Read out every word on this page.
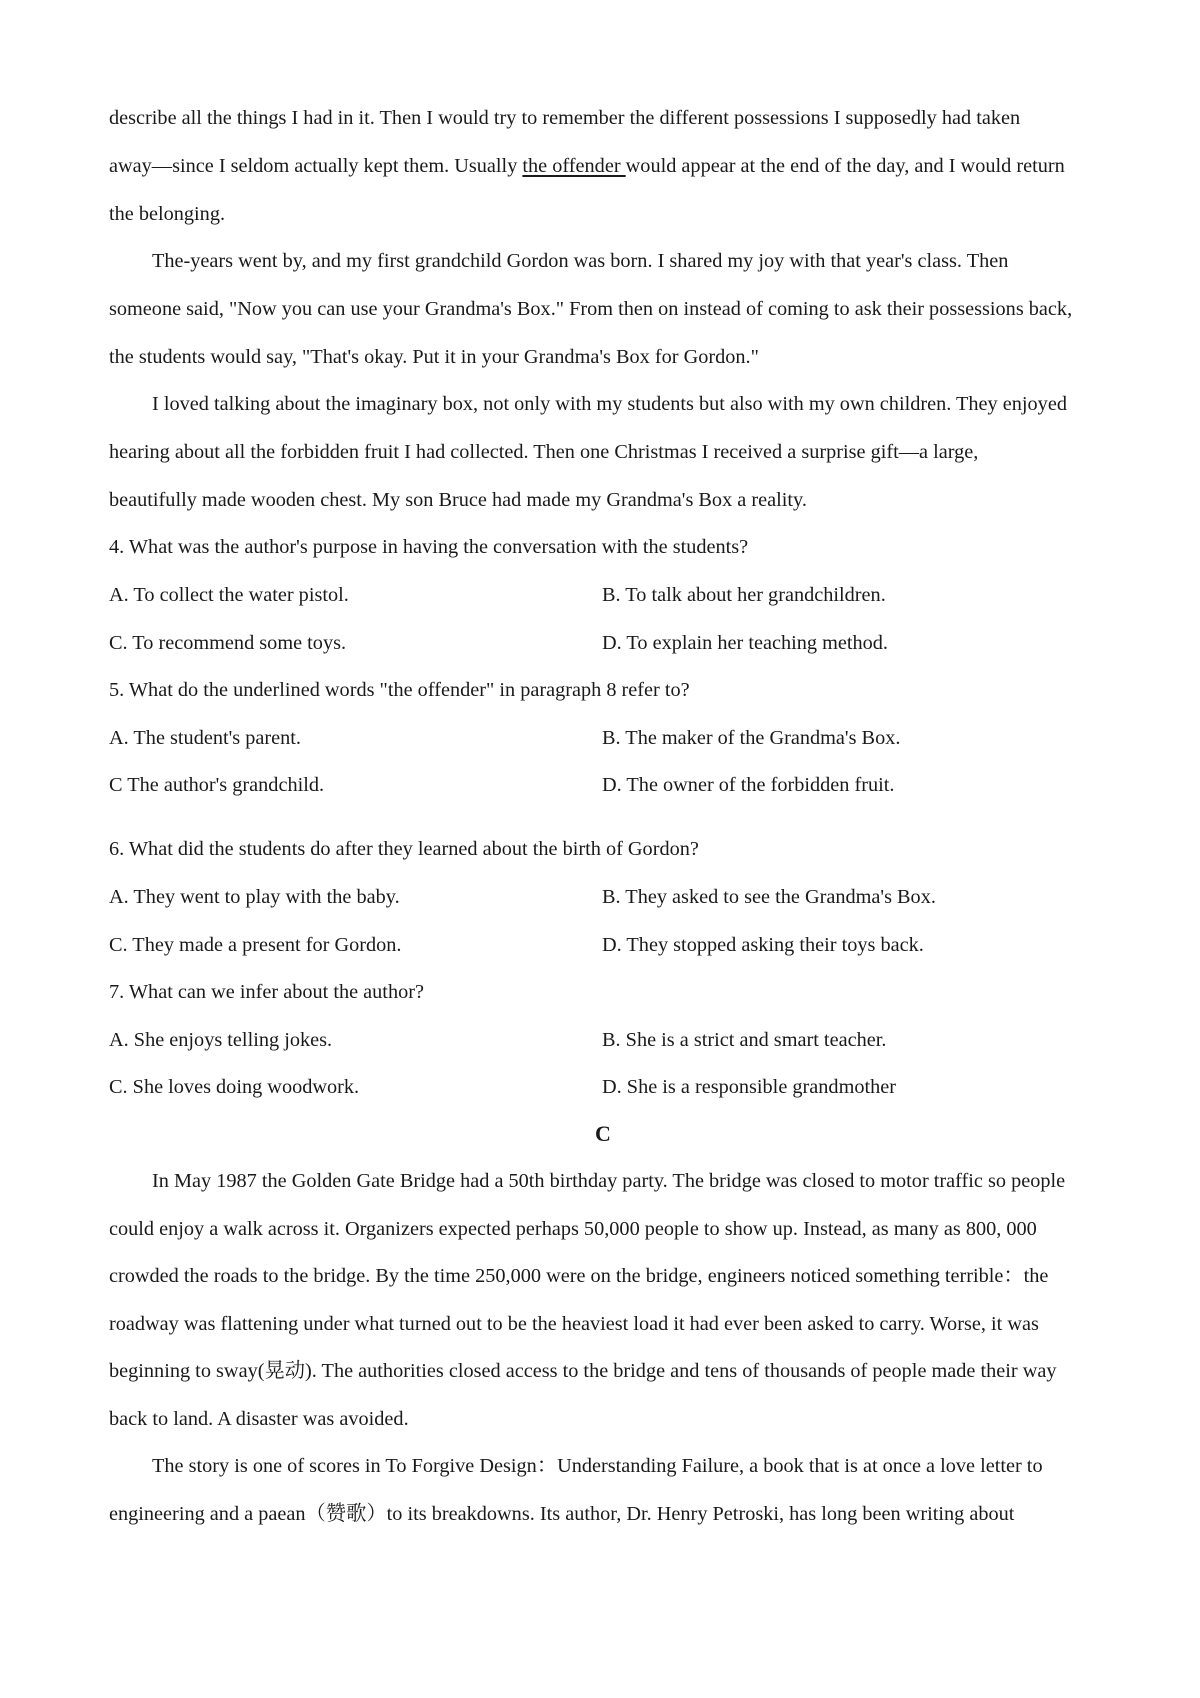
describe all the things I had in it. Then I would try to remember the different possessions I supposedly had taken
away—since I seldom actually kept them. Usually the offender would appear at the end of the day, and I would return
the belonging.
The-years went by, and my first grandchild Gordon was born. I shared my joy with that year's class. Then
someone said, "Now you can use your Grandma's Box." From then on instead of coming to ask their possessions back,
the students would say, "That's okay. Put it in your Grandma's Box for Gordon."
I loved talking about the imaginary box, not only with my students but also with my own children. They enjoyed
hearing about all the forbidden fruit I had collected. Then one Christmas I received a surprise gift—a large,
beautifully made wooden chest. My son Bruce had made my Grandma's Box a reality.
4. What was the author's purpose in having the conversation with the students?
A. To collect the water pistol.	B. To talk about her grandchildren.
C. To recommend some toys.	D. To explain her teaching method.
5. What do the underlined words "the offender" in paragraph 8 refer to?
A. The student's parent.	B. The maker of the Grandma's Box.
C The author's grandchild.	D. The owner of the forbidden fruit.
6. What did the students do after they learned about the birth of Gordon?
A. They went to play with the baby.	B. They asked to see the Grandma's Box.
C. They made a present for Gordon.	D. They stopped asking their toys back.
7. What can we infer about the author?
A. She enjoys telling jokes.	B. She is a strict and smart teacher.
C. She loves doing woodwork.	D. She is a responsible grandmother
C
In May 1987 the Golden Gate Bridge had a 50th birthday party. The bridge was closed to motor traffic so people
could enjoy a walk across it. Organizers expected perhaps 50,000 people to show up. Instead, as many as 800, 000
crowded the roads to the bridge. By the time 250,000 were on the bridge, engineers noticed something terrible：the
roadway was flattening under what turned out to be the heaviest load it had ever been asked to carry. Worse, it was
beginning to sway(晃动). The authorities closed access to the bridge and tens of thousands of people made their way
back to land. A disaster was avoided.
The story is one of scores in To Forgive Design：Understanding Failure, a book that is at once a love letter to
engineering and a paean（赞歌）to its breakdowns. Its author, Dr. Henry Petroski, has long been writing about
